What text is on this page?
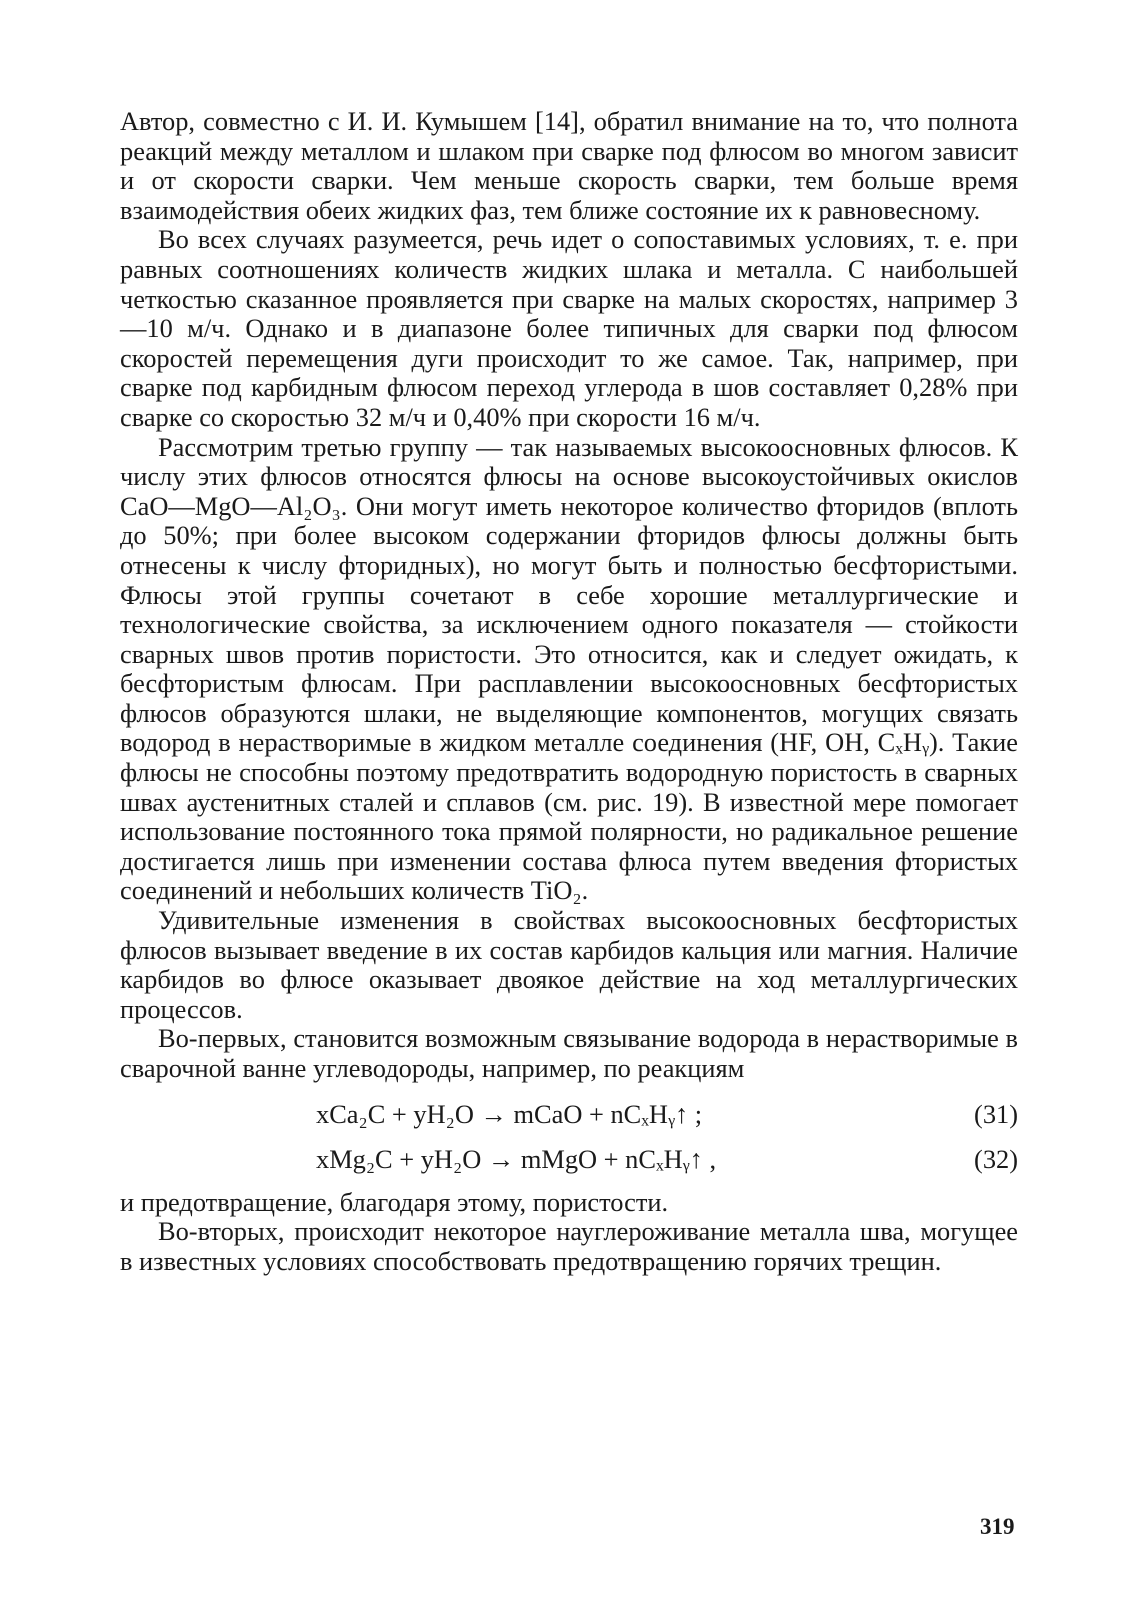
Автор, совместно с И. И. Кумышем [14], обратил внимание на то, что полнота реакций между металлом и шлаком при сварке под флюсом во многом зависит и от скорости сварки. Чем меньше скорость сварки, тем больше время взаимодействия обеих жидких фаз, тем ближе состояние их к равновесному.

Во всех случаях разумеется, речь идет о сопоставимых условиях, т. е. при равных соотношениях количеств жидких шлака и металла. С наибольшей четкостью сказанное проявляется при сварке на малых скоростях, например 3—10 м/ч. Однако и в диапазоне более типичных для сварки под флюсом скоростей перемещения дуги происходит то же самое. Так, например, при сварке под карбидным флюсом переход углерода в шов составляет 0,28% при сварке со скоростью 32 м/ч и 0,40% при скорости 16 м/ч.

Рассмотрим третью группу — так называемых высокоосновных флюсов. К числу этих флюсов относятся флюсы на основе высокоустойчивых окислов CaO—MgO—Al₂O₃. Они могут иметь некоторое количество фторидов (вплоть до 50%; при более высоком содержании фторидов флюсы должны быть отнесены к числу фторидных), но могут быть и полностью бесфтористыми. Флюсы этой группы сочетают в себе хорошие металлургические и технологические свойства, за исключением одного показателя — стойкости сварных швов против пористости. Это относится, как и следует ожидать, к бесфтористым флюсам. При расплавлении высокоосновных бесфтористых флюсов образуются шлаки, не выделяющие компонентов, могущих связать водород в нерастворимые в жидком металле соединения (HF, OH, CₓHᵧ). Такие флюсы не способны поэтому предотвратить водородную пористость в сварных швах аустенитных сталей и сплавов (см. рис. 19). В известной мере помогает использование постоянного тока прямой полярности, но радикальное решение достигается лишь при изменении состава флюса путем введения фтористых соединений и небольших количеств TiO₂.

Удивительные изменения в свойствах высокоосновных бесфтористых флюсов вызывает введение в их состав карбидов кальция или магния. Наличие карбидов во флюсе оказывает двоякое действие на ход металлургических процессов.

Во-первых, становится возможным связывание водорода в нерастворимые в сварочной ванне углеводороды, например, по реакциям

xCa₂C + yH₂O → mCaO + nCₓHᵧ↑ ;	(31)
xMg₂C + yH₂O → mMgO + nCₓHᵧ↑ ,	(32)

и предотвращение, благодаря этому, пористости.

Во-вторых, происходит некоторое науглероживание металла шва, могущее в известных условиях способствовать предотвращению горячих трещин.

319
